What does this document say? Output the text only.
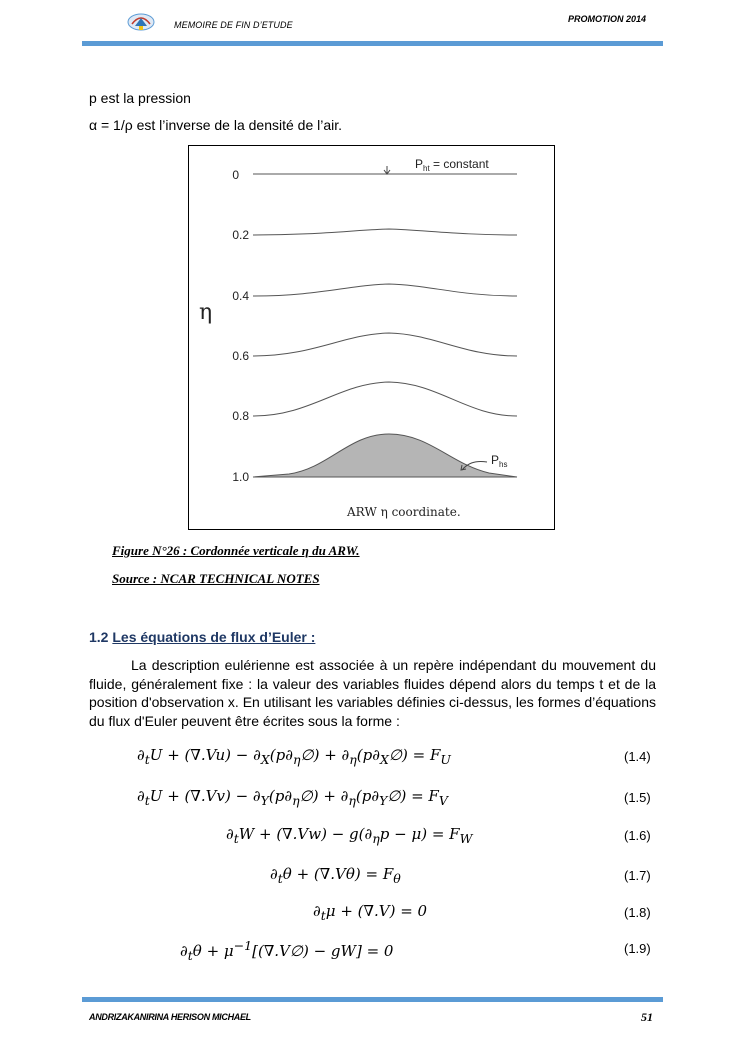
MEMOIRE DE FIN D’ETUDE
PROMOTION 2014
p est la pression
α = 1/ρ est l’inverse de la densité de l’air.
0
0.2
0.4
0.6
0.8
1.0
η
$P_{ht}$ = constant
$P_{hs}$
ARW η coordinate.
Figure N°26 : Cordonnée verticale η du ARW.
Source : NCAR TECHNICAL NOTES
1.2 Les équations de flux d’Euler :
La description eulérienne est associée à un repère indépendant du mouvement du fluide, généralement fixe : la valeur des variables fluides dépend alors du temps t et de la position d'observation x. En utilisant les variables définies ci-dessus, les formes d’équations du flux d'Euler peuvent être écrites sous la forme :
$\partial_tU + (\nabla.Vu)$ − $\partial_X(p\partial_\eta\emptyset)$ + $\partial_\eta(p\partial_X\emptyset) = F_U$	(1.4)
$\partial_tU + (\nabla.Vv)$ − $\partial_Y(p\partial_\eta\emptyset)$ + $\partial_\eta(p\partial_Y\emptyset) = F_V$	(1.5)
$\partial_tW + (\nabla.Vw) - g(\partial_\eta p - \mu) = F_W$	(1.6)
$\partial_t\theta + (\nabla.V\theta) = F_\theta$	(1.7)
$\partial_t\mu + (\nabla.V) = 0$	(1.8)
$\partial_t\theta$ + $\mu^{-1}[(\nabla.V\emptyset) - gW] = 0$	(1.9)
ANDRIZAKANIRINA HERISON MICHAEL	51
